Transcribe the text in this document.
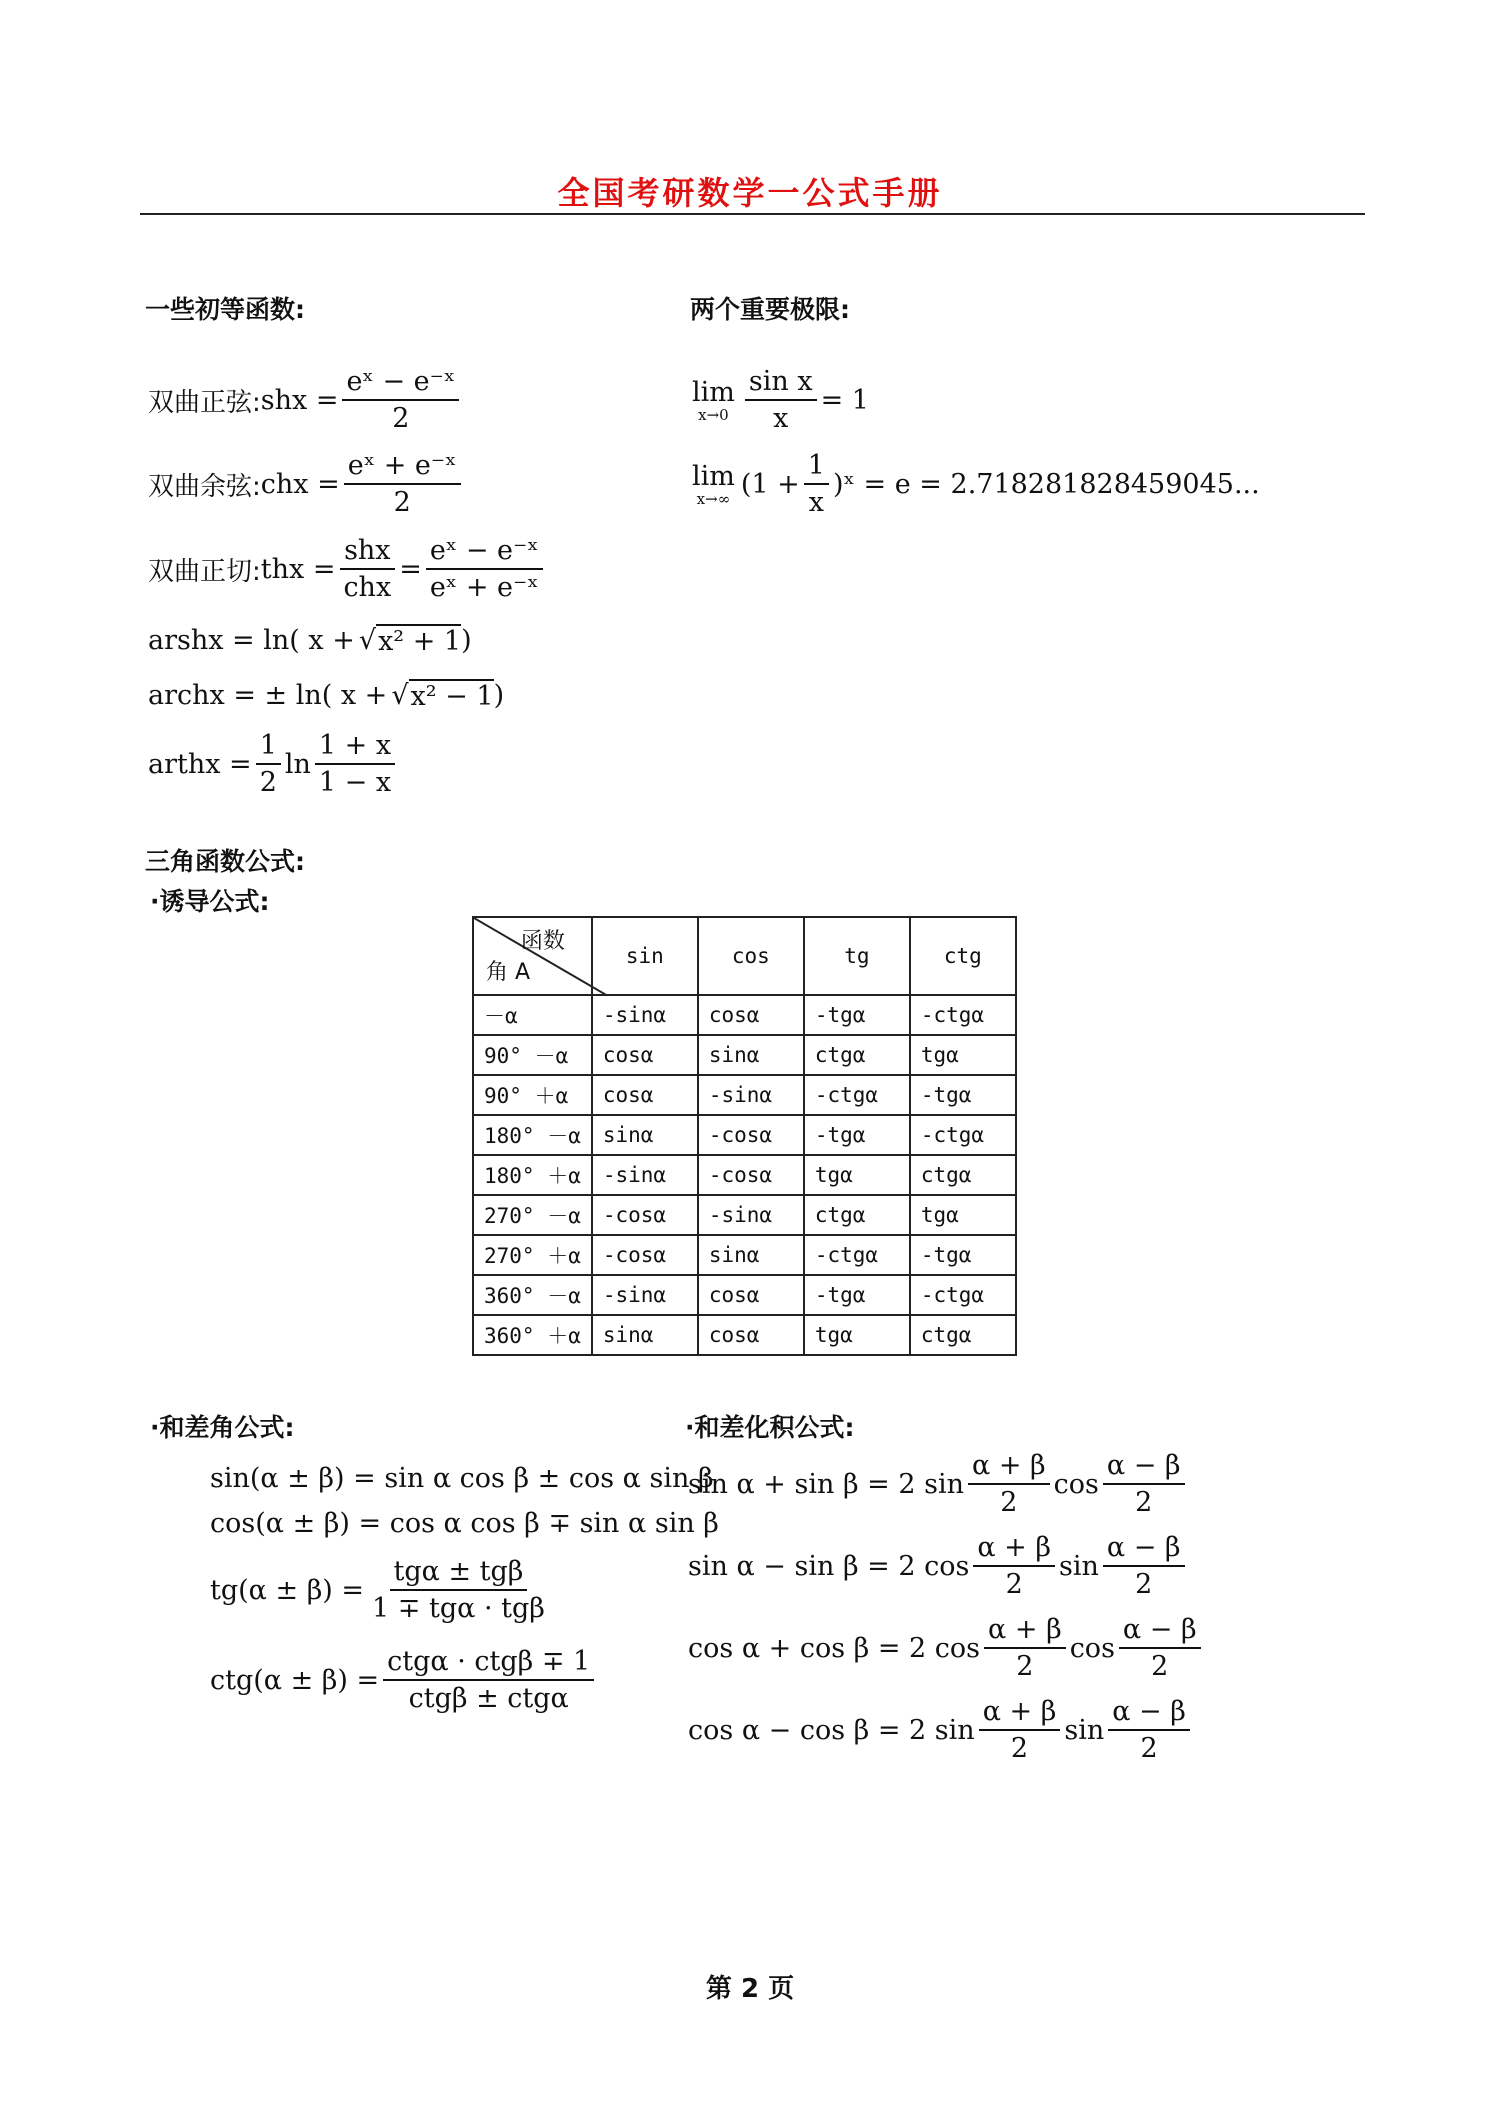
全国考研数学一公式手册
一些初等函数:
双曲正弦: shx = $\frac{\text{eˣ − e⁻ˣ}}{2}$
双曲余弦: chx = $\frac{\text{eˣ + e⁻ˣ}}{2}$
双曲正切: thx = $\frac{\text{shx}}{\text{chx}} = \frac{\text{eˣ − e⁻ˣ}}{\text{eˣ + e⁻ˣ}}$
arshx = ln( x + √ x² + 1 )
archx = ± ln( x + √ x² − 1 )
arthx = $\frac{1}{2}$ $\ln \frac{1 + x}{1 - x}$
两个重要极限:
lim
$x\to 0 \frac{\text{sin x}}{x} = 1$
lim
x→∞ ($1 + \frac{1}{x}$ )ˣ = e = 2.718281828459045...
三角函数公式:
·诱导公式:
函数
角 A	sin	cos	tg	ctg
－α	-sinα	cosα	-tgα	-ctgα
90° －α	cosα	sinα	ctgα	tgα
90° ＋α	cosα	-sinα	-ctgα	-tgα
180° －α	sinα	-cosα	-tgα	-ctgα
180° ＋α	-sinα	-cosα	tgα	ctgα
270° －α	-cosα	-sinα	ctgα	tgα
270° ＋α	-cosα	sinα	-ctgα	-tgα
360° －α	-sinα	cosα	-tgα	-ctgα
360° ＋α	sinα	cosα	tgα	ctgα
·和差角公式:
sin(α ± β) = sin α cos β ± cos α sin β
cos(α ± β) = cos α cos β ∓ sin α sin β
$tg(\alpha \pm \beta) = \frac{\text{tgα ± tgβ}}{\text{1 ∓ tgα · tgβ}}$
$ctg(\alpha \pm \beta) = \frac{\text{ctgα · ctgβ ∓ 1}}{\text{ctgβ ± ctgα}}$
·和差化积公式:
sin α + sin β = 2 $\sin \frac{\alpha + \beta}{2}$ $\cos \frac{\alpha - \beta}{2}$
sin α − sin β = 2 $\cos \frac{\alpha + \beta}{2}$ $\sin \frac{\alpha - \beta}{2}$
cos α + cos β = 2 $\cos \frac{\alpha + \beta}{2}$ $\cos \frac{\alpha - \beta}{2}$
cos α − cos β = 2 $\sin \frac{\alpha + \beta}{2}$ $\sin \frac{\alpha - \beta}{2}$
第 2 页
